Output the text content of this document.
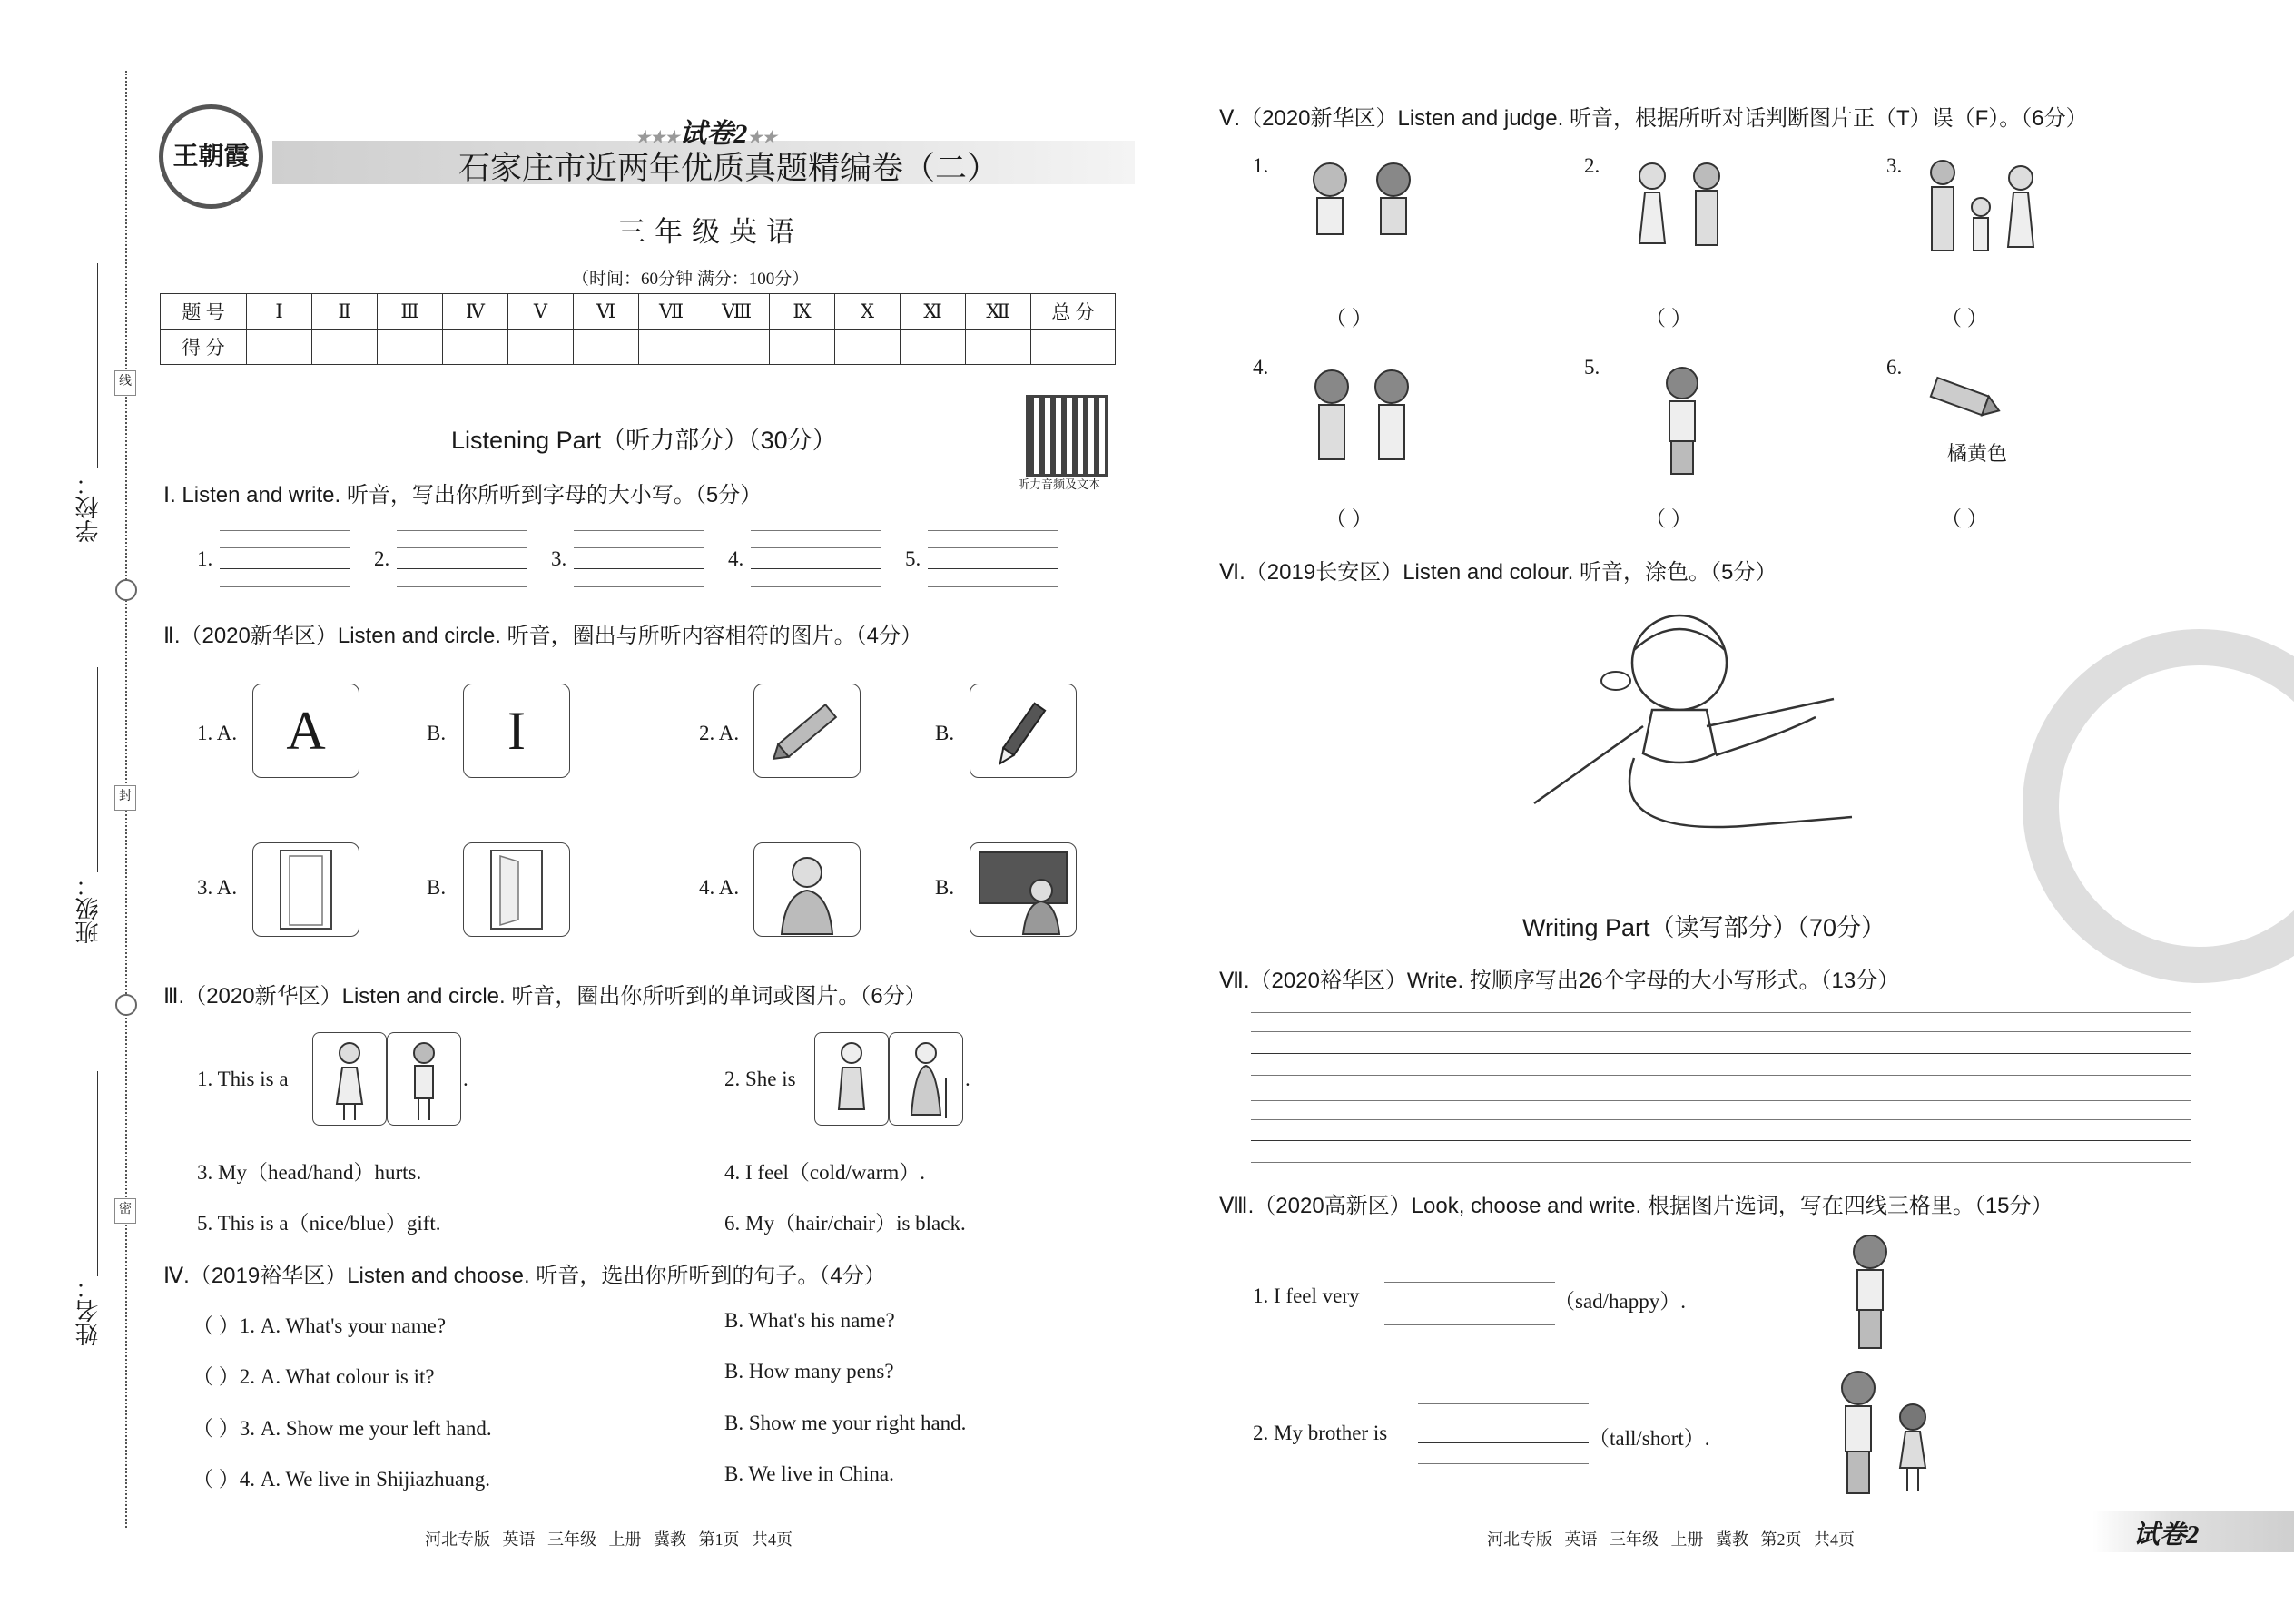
学校：
班级：
姓名：
线
封
密
王朝霞
★★★试卷2★★
石家庄市近两年优质真题精编卷（二）
三年级英语
（时间：60分钟 满分：100分）
题 号	Ⅰ	Ⅱ	Ⅲ	Ⅳ	Ⅴ	Ⅵ	Ⅶ	Ⅷ	Ⅸ	Ⅹ	Ⅺ	Ⅻ	总 分
得 分													
Listening Part（听力部分）（30分）
听力音频及文本
Ⅰ. Listen and write. 听音，写出你所听到字母的大小写。（5分）
1.	2.	3.	4.	5.
Ⅱ.（2020新华区）Listen and circle. 听音，圈出与所听内容相符的图片。（4分）
1. A. A	B.	I	2. A.	B.
3. A.	B.	4. A.	B.
Ⅲ.（2020新华区）Listen and circle. 听音，圈出你所听到的单词或图片。（6分）
1. This is a	.	2. She is	.
3. My（head/hand）hurts.	4. I feel（cold/warm）.
5. This is a（nice/blue）gift.	6. My（hair/chair）is black.
Ⅳ.（2019裕华区）Listen and choose. 听音，选出你所听到的句子。（4分）
（ ）1. A. What's your name?	B. What's his name?
（ ）2. A. What colour is it?	B. How many pens?
（ ）3. A. Show me your left hand.	B. Show me your right hand.
（ ）4. A. We live in Shijiazhuang.	B. We live in China.
河北专版   英语   三年级   上册   冀教   第1页   共4页
Ⅴ.（2020新华区）Listen and judge. 听音，根据所听对话判断图片正（T）误（F）。（6分）
1.	2.	3.
（ ）	（ ）	（ ）
4.	5.	6.
橘黄色
（ ）	（ ）	（ ）
Ⅵ.（2019长安区）Listen and colour. 听音，涂色。（5分）
Writing Part（读写部分）（70分）
Ⅶ.（2020裕华区）Write. 按顺序写出26个字母的大小写形式。（13分）
Ⅷ.（2020高新区）Look, choose and write. 根据图片选词，写在四线三格里。（15分）
1. I feel very	（sad/happy）.
2. My brother is	（tall/short）.
河北专版   英语   三年级   上册   冀教   第2页   共4页	试卷2
